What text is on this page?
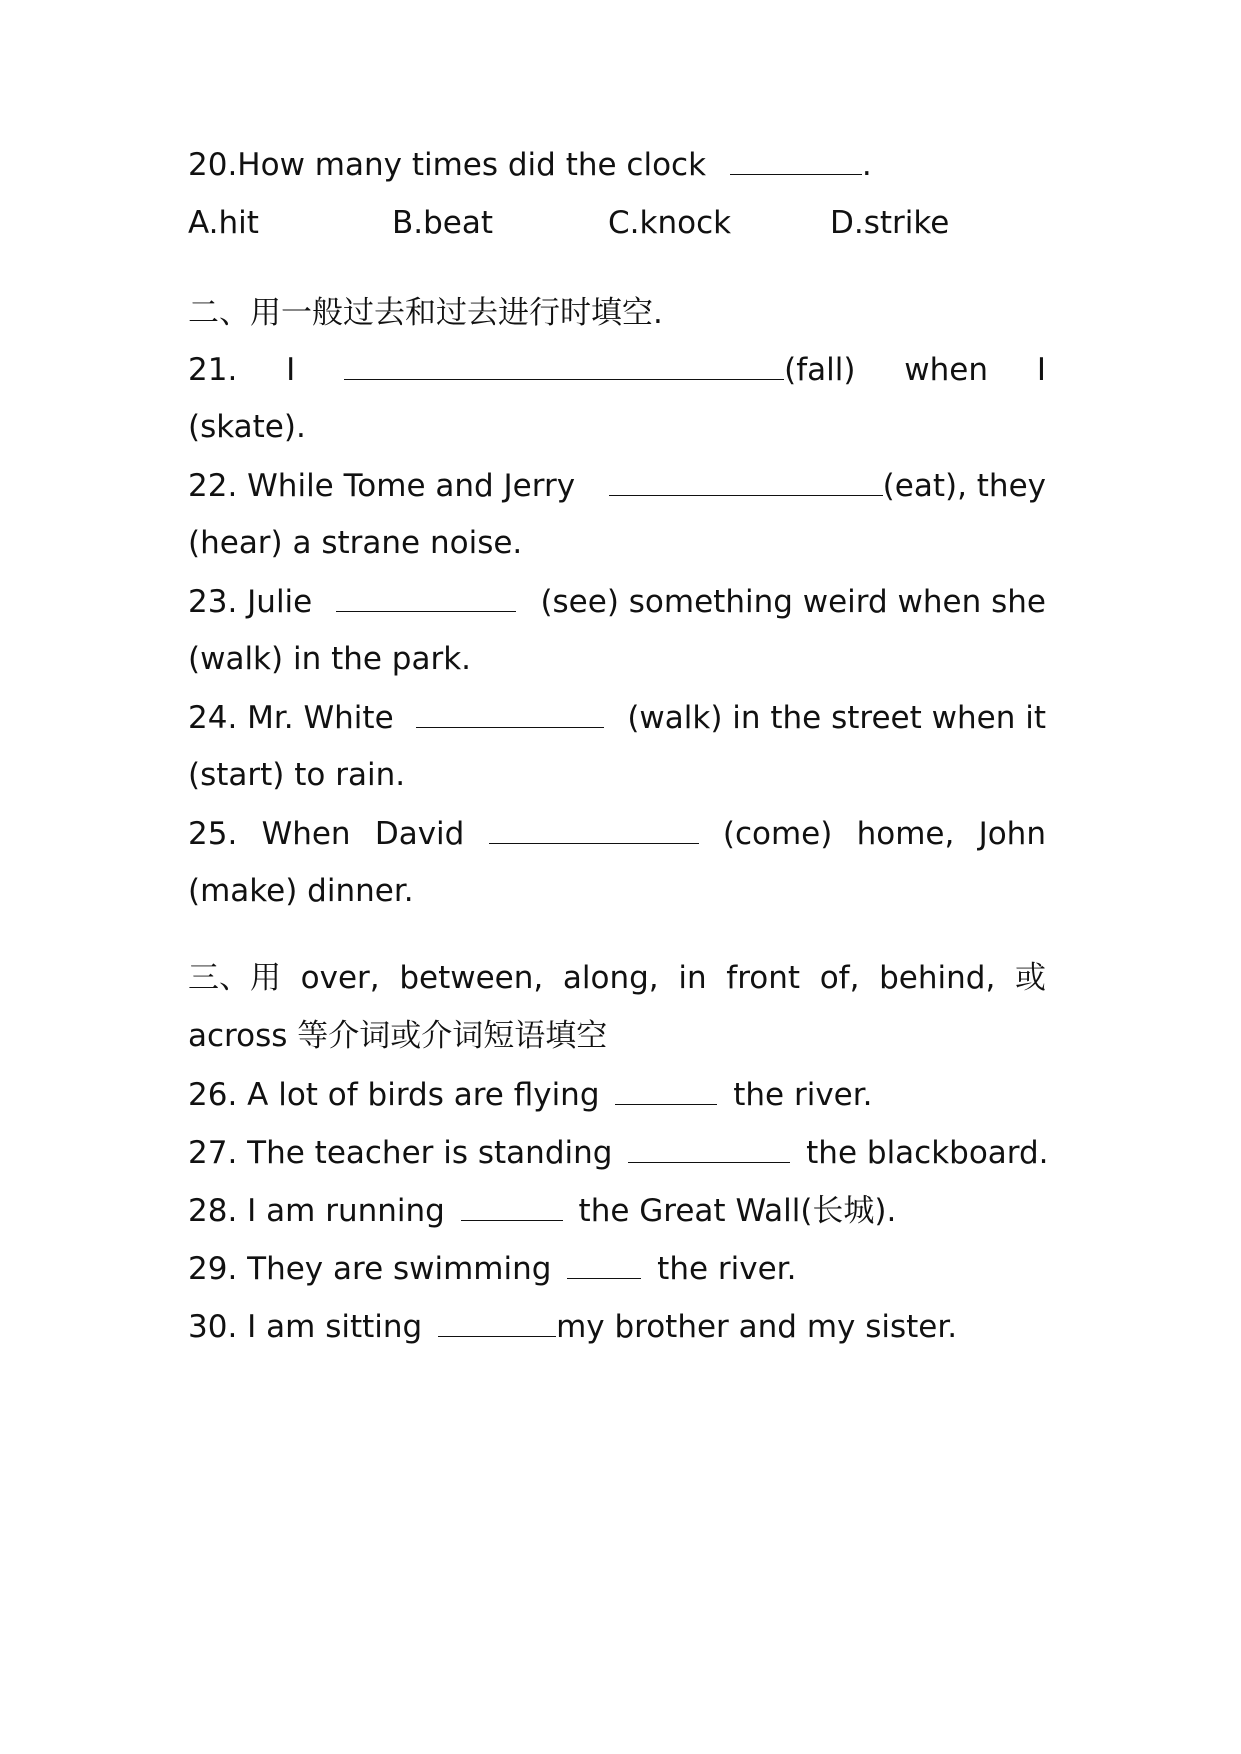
20.How many times did the clock	.
A.hit	B.beat	C.knock	D.strike
二、用一般过去和过去进行时填空.
21. I	(fall) when I
(skate).
22. While Tome and Jerry	(eat), they
(hear) a strane noise.
23. Julie	(see) something weird when she
(walk) in the park.
24. Mr. White	(walk) in the street when it
(start) to rain.
25. When David	(come) home, John
(make) dinner.
三、用 over, between, along, in front of, behind, 或
across 等介词或介词短语填空
26. A lot of birds are flying	the river.
27. The teacher is standing	the blackboard.
28. I am running	the Great Wall(长城).
29. They are swimming	the river.
30. I am sitting	my brother and my sister.
